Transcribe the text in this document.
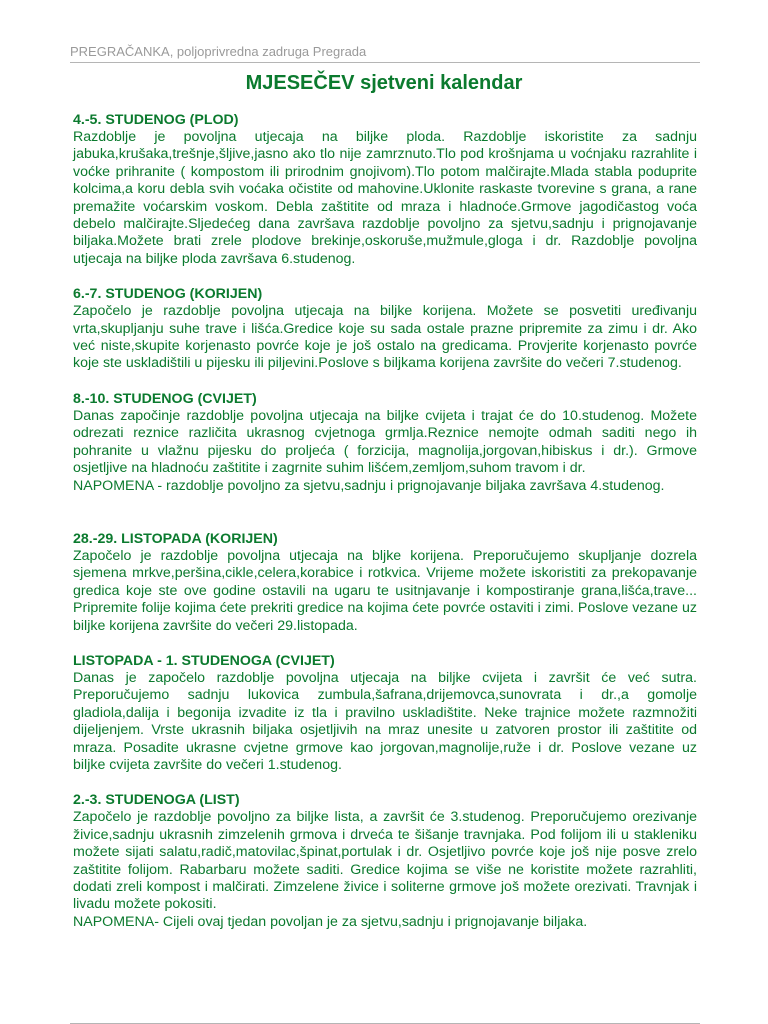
PREGRAČANKA, poljoprivredna zadruga Pregrada
MJESEČEV sjetveni kalendar
4.-5. STUDENOG (PLOD)

Razdoblje je povoljna utjecaja na biljke ploda. Razdoblje iskoristite za sadnju jabuka,krušaka,trešnje,šljive,jasno ako tlo nije zamrznuto.Tlo pod krošnjama u voćnjaku razrahlite i voćke prihranite ( kompostom ili prirodnim gnojivom).Tlo potom malčirajte.Mlada stabla poduprite kolcima,a koru debla svih voćaka očistite od mahovine.Uklonite raskaste tvorevine s grana, a rane premažite voćarskim voskom. Debla zaštitite od mraza i hladnoće.Grmove jagodičastog voća debelo malčirajte.Sljedećeg dana završava razdoblje povoljno za sjetvu,sadnju i prignojavanje biljaka.Možete brati zrele plodove brekinje,oskoruše,mužmule,gloga i dr. Razdoblje povoljna utjecaja na biljke ploda završava 6.studenog.

6.-7. STUDENOG (KORIJEN)

Započelo je razdoblje povoljna utjecaja na biljke korijena. Možete se posvetiti uređivanju vrta,skupljanju suhe trave i lišća.Gredice koje su sada ostale prazne pripremite za zimu i dr. Ako već niste,skupite korjenasto povrće koje je još ostalo na gredicama. Provjerite korjenasto povrće koje ste uskladištili u pijesku ili piljevini.Poslove s biljkama korijena završite do večeri 7.studenog.

8.-10. STUDENOG (CVIJET)

Danas započinje razdoblje povoljna utjecaja na biljke cvijeta i trajat će do 10.studenog. Možete odrezati reznice različita ukrasnog cvjetnoga grmlja.Reznice nemojte odmah saditi nego ih pohranite u vlažnu pijesku do proljeća ( forzicija, magnolija,jorgovan,hibiskus i dr.). Grmove osjetljive na hladnoću zaštitite i zagrnite suhim lišćem,zemljom,suhom travom i dr.

NAPOMENA - razdoblje povoljno za sjetvu,sadnju i prignojavanje biljaka završava 4.studenog.

28.-29. LISTOPADA (KORIJEN)

Započelo je razdoblje povoljna utjecaja na bljke korijena. Preporučujemo skupljanje dozrela sjemena mrkve,peršina,cikle,celera,korabice i rotkvica. Vrijeme možete iskoristiti za prekopavanje gredica koje ste ove godine ostavili na ugaru te usitnjavanje i kompostiranje grana,lišća,trave... Pripremite folije kojima ćete prekriti gredice na kojima ćete povrće ostaviti i zimi. Poslove vezane uz biljke korijena završite do večeri 29.listopada.

LISTOPADA - 1. STUDENOGA (CVIJET)

Danas je započelo razdoblje povoljna utjecaja na biljke cvijeta i završit će već sutra. Preporučujemo sadnju lukovica zumbula,šafrana,drijemovca,sunovrata i dr.,a gomolje gladiola,dalija i begonija izvadite iz tla i pravilno uskladištite. Neke trajnice možete razmnožiti dijeljenjem. Vrste ukrasnih biljaka osjetljivih na mraz unesite u zatvoren prostor ili zaštitite od mraza. Posadite ukrasne cvjetne grmove kao jorgovan,magnolije,ruže i dr. Poslove vezane uz biljke cvijeta završite do večeri 1.studenog.

2.-3. STUDENOGA (LIST)

Započelo je razdoblje povoljno za biljke lista, a završit će 3.studenog. Preporučujemo orezivanje živice,sadnju ukrasnih zimzelenih grmova i drveća te šišanje travnjaka. Pod folijom ili u stakleniku možete sijati salatu,radič,matovilac,špinat,portulak i dr. Osjetljivo povrće koje još nije posve zrelo zaštitite folijom. Rabarbaru možete saditi. Gredice kojima se više ne koristite možete razrahliti, dodati zreli kompost i malčirati. Zimzelene živice i soliterne grmove još možete orezivati. Travnjak i livadu možete pokositi.

NAPOMENA- Cijeli ovaj tjedan povoljan je za sjetvu,sadnju i prignojavanje biljaka.
